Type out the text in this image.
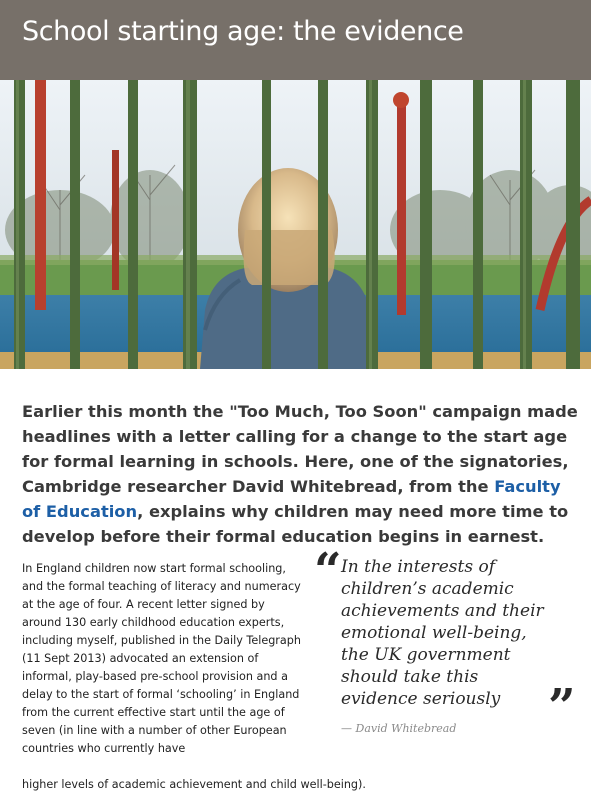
School starting age: the evidence

Earlier this month the "Too Much, Too Soon" campaign made headlines with a letter calling for a change to the start age for formal learning in schools. Here, one of the signatories, Cambridge researcher David Whitebread, from the Faculty of Education, explains why children may need more time to develop before their formal education begins in earnest.

In England children now start formal schooling, and the formal teaching of literacy and numeracy at the age of four. A recent letter signed by around 130 early childhood education experts, including myself, published in the Daily Telegraph (11 Sept 2013) advocated an extension of informal, play-based pre-school provision and a delay to the start of formal ‘schooling’ in England from the current effective start until the age of seven (in line with a number of other European countries who currently have

higher levels of academic achievement and child well-being).

“ In the interests of children’s academic achievements and their emotional well-being, the UK government should take this evidence seriously ”
— David Whitebread
